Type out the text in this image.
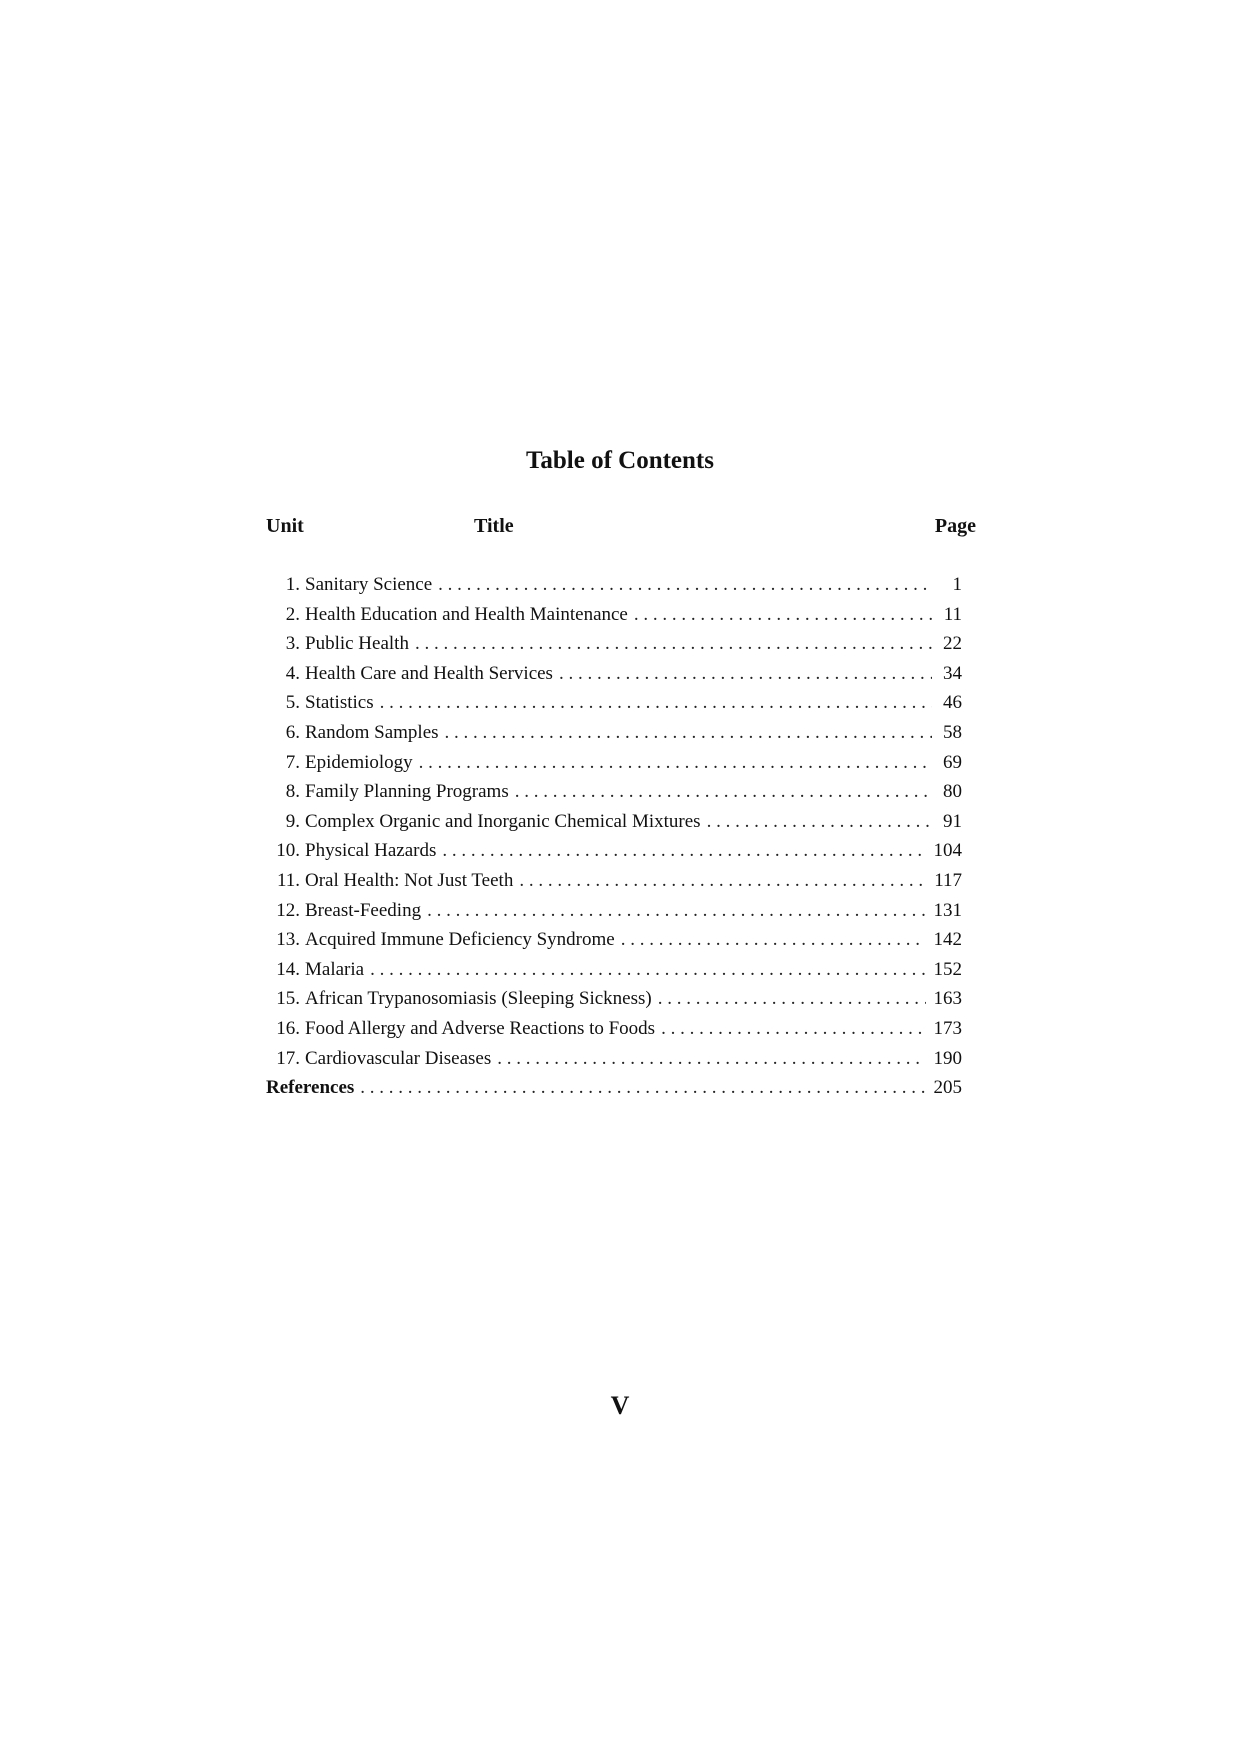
Table of Contents
Unit	Title	Page
1. Sanitary Science . . .	1
2. Health Education and Health Maintenance . . .	11
3. Public Health . . .	22
4. Health Care and Health Services . . .	34
5. Statistics . . .	46
6. Random Samples . . .	58
7. Epidemiology . . .	69
8. Family Planning Programs . . .	80
9. Complex Organic and Inorganic Chemical Mixtures . . .	91
10. Physical Hazards . . .	104
11. Oral Health: Not Just Teeth . . .	117
12. Breast-Feeding . . .	131
13. Acquired Immune Deficiency Syndrome . . .	142
14. Malaria . . .	152
15. African Trypanosomiasis (Sleeping Sickness) . . .	163
16. Food Allergy and Adverse Reactions to Foods . . .	173
17. Cardiovascular Diseases . . .	190
References . . .	205
V
